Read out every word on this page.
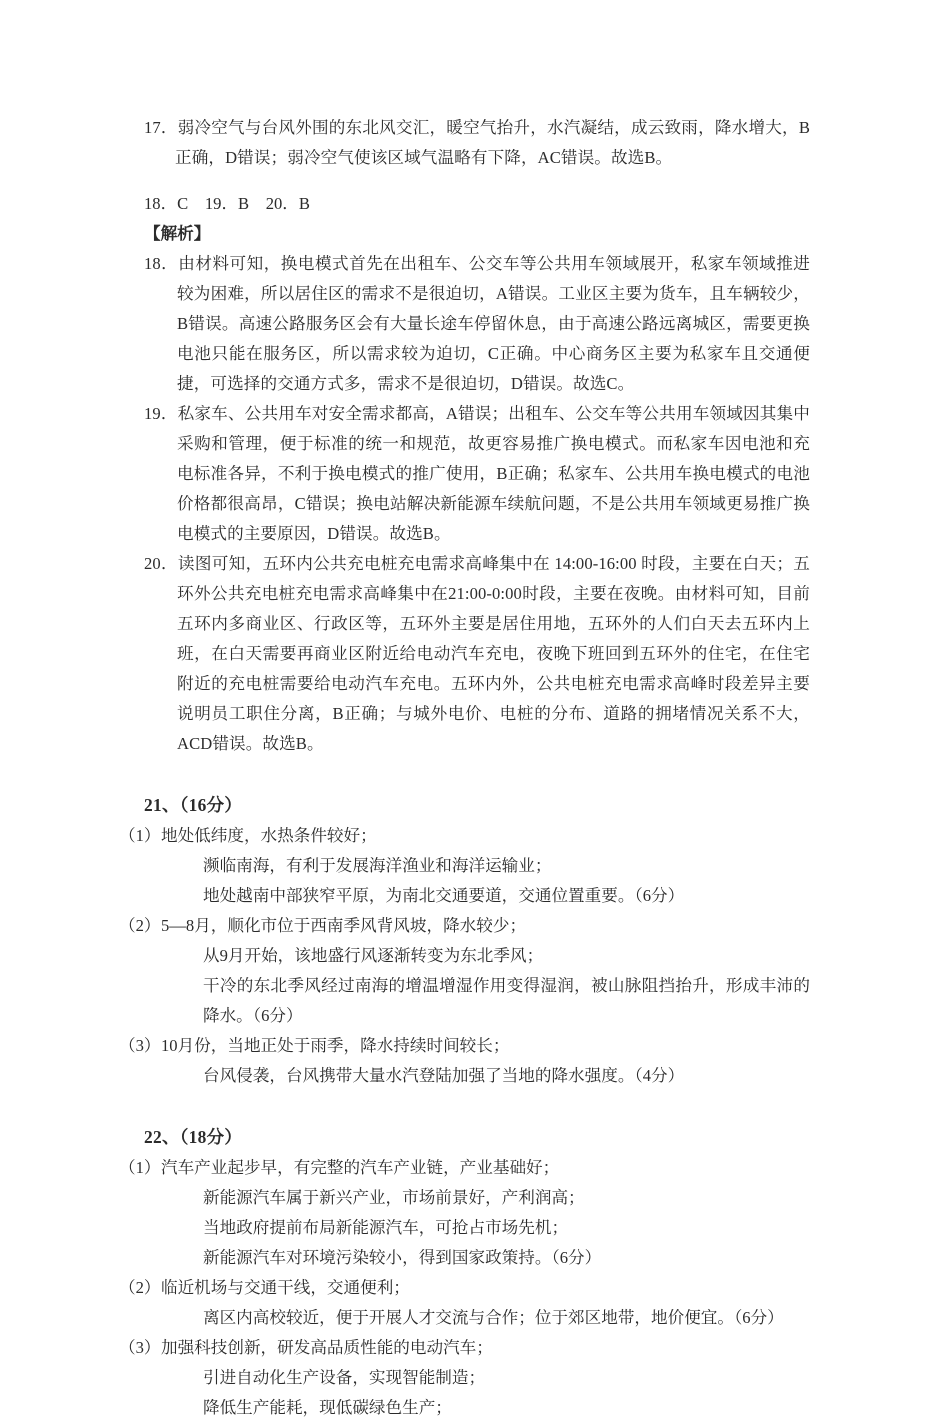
17．弱冷空气与台风外围的东北风交汇，暖空气抬升，水汽凝结，成云致雨，降水增大，B正确，D错误；弱冷空气使该区域气温略有下降，AC错误。故选B。

18．C    19．B    20．B
【解析】

18．由材料可知，换电模式首先在出租车、公交车等公共用车领域展开，私家车领域推进较为困难，所以居住区的需求不是很迫切，A错误。工业区主要为货车，且车辆较少，B错误。高速公路服务区会有大量长途车停留休息，由于高速公路远离城区，需要更换电池只能在服务区，所以需求较为迫切，C正确。中心商务区主要为私家车且交通便捷，可选择的交通方式多，需求不是很迫切，D错误。故选C。

19．私家车、公共用车对安全需求都高，A错误；出租车、公交车等公共用车领域因其集中采购和管理，便于标准的统一和规范，故更容易推广换电模式。而私家车因电池和充电标准各异，不利于换电模式的推广使用，B正确；私家车、公共用车换电模式的电池价格都很高昂，C错误；换电站解决新能源车续航问题，不是公共用车领域更易推广换电模式的主要原因，D错误。故选B。

20．读图可知，五环内公共充电桩充电需求高峰集中在 14:00-16:00 时段，主要在白天；五环外公共充电桩充电需求高峰集中在21:00-0:00时段，主要在夜晚。由材料可知，目前五环内多商业区、行政区等，五环外主要是居住用地，五环外的人们白天去五环内上班，在白天需要再商业区附近给电动汽车充电，夜晚下班回到五环外的住宅，在住宅附近的充电桩需要给电动汽车充电。五环内外，公共电桩充电需求高峰时段差异主要说明员工职住分离，B正确；与城外电价、电桩的分布、道路的拥堵情况关系不大，ACD错误。故选B。

21、（16分）
（1）地处低纬度，水热条件较好；
濒临南海，有利于发展海洋渔业和海洋运输业；
地处越南中部狭窄平原，为南北交通要道，交通位置重要。（6分）
（2）5—8月，顺化市位于西南季风背风坡，降水较少；
从9月开始，该地盛行风逐渐转变为东北季风；
干冷的东北季风经过南海的增温增湿作用变得湿润，被山脉阻挡抬升，形成丰沛的降水。（6分）
（3）10月份，当地正处于雨季，降水持续时间较长；
台风侵袭，台风携带大量水汽登陆加强了当地的降水强度。（4分）
22、（18分）
（1）汽车产业起步早，有完整的汽车产业链，产业基础好；
新能源汽车属于新兴产业，市场前景好，产利润高；
当地政府提前布局新能源汽车，可抢占市场先机；
新能源汽车对环境污染较小，得到国家政策持。（6分）
（2）临近机场与交通干线，交通便利；
离区内高校较近，便于开展人才交流与合作；位于郊区地带，地价便宜。（6分）
（3）加强科技创新，研发高品质性能的电动汽车；
引进自动化生产设备，实现智能制造；
降低生产能耗，现低碳绿色生产；
